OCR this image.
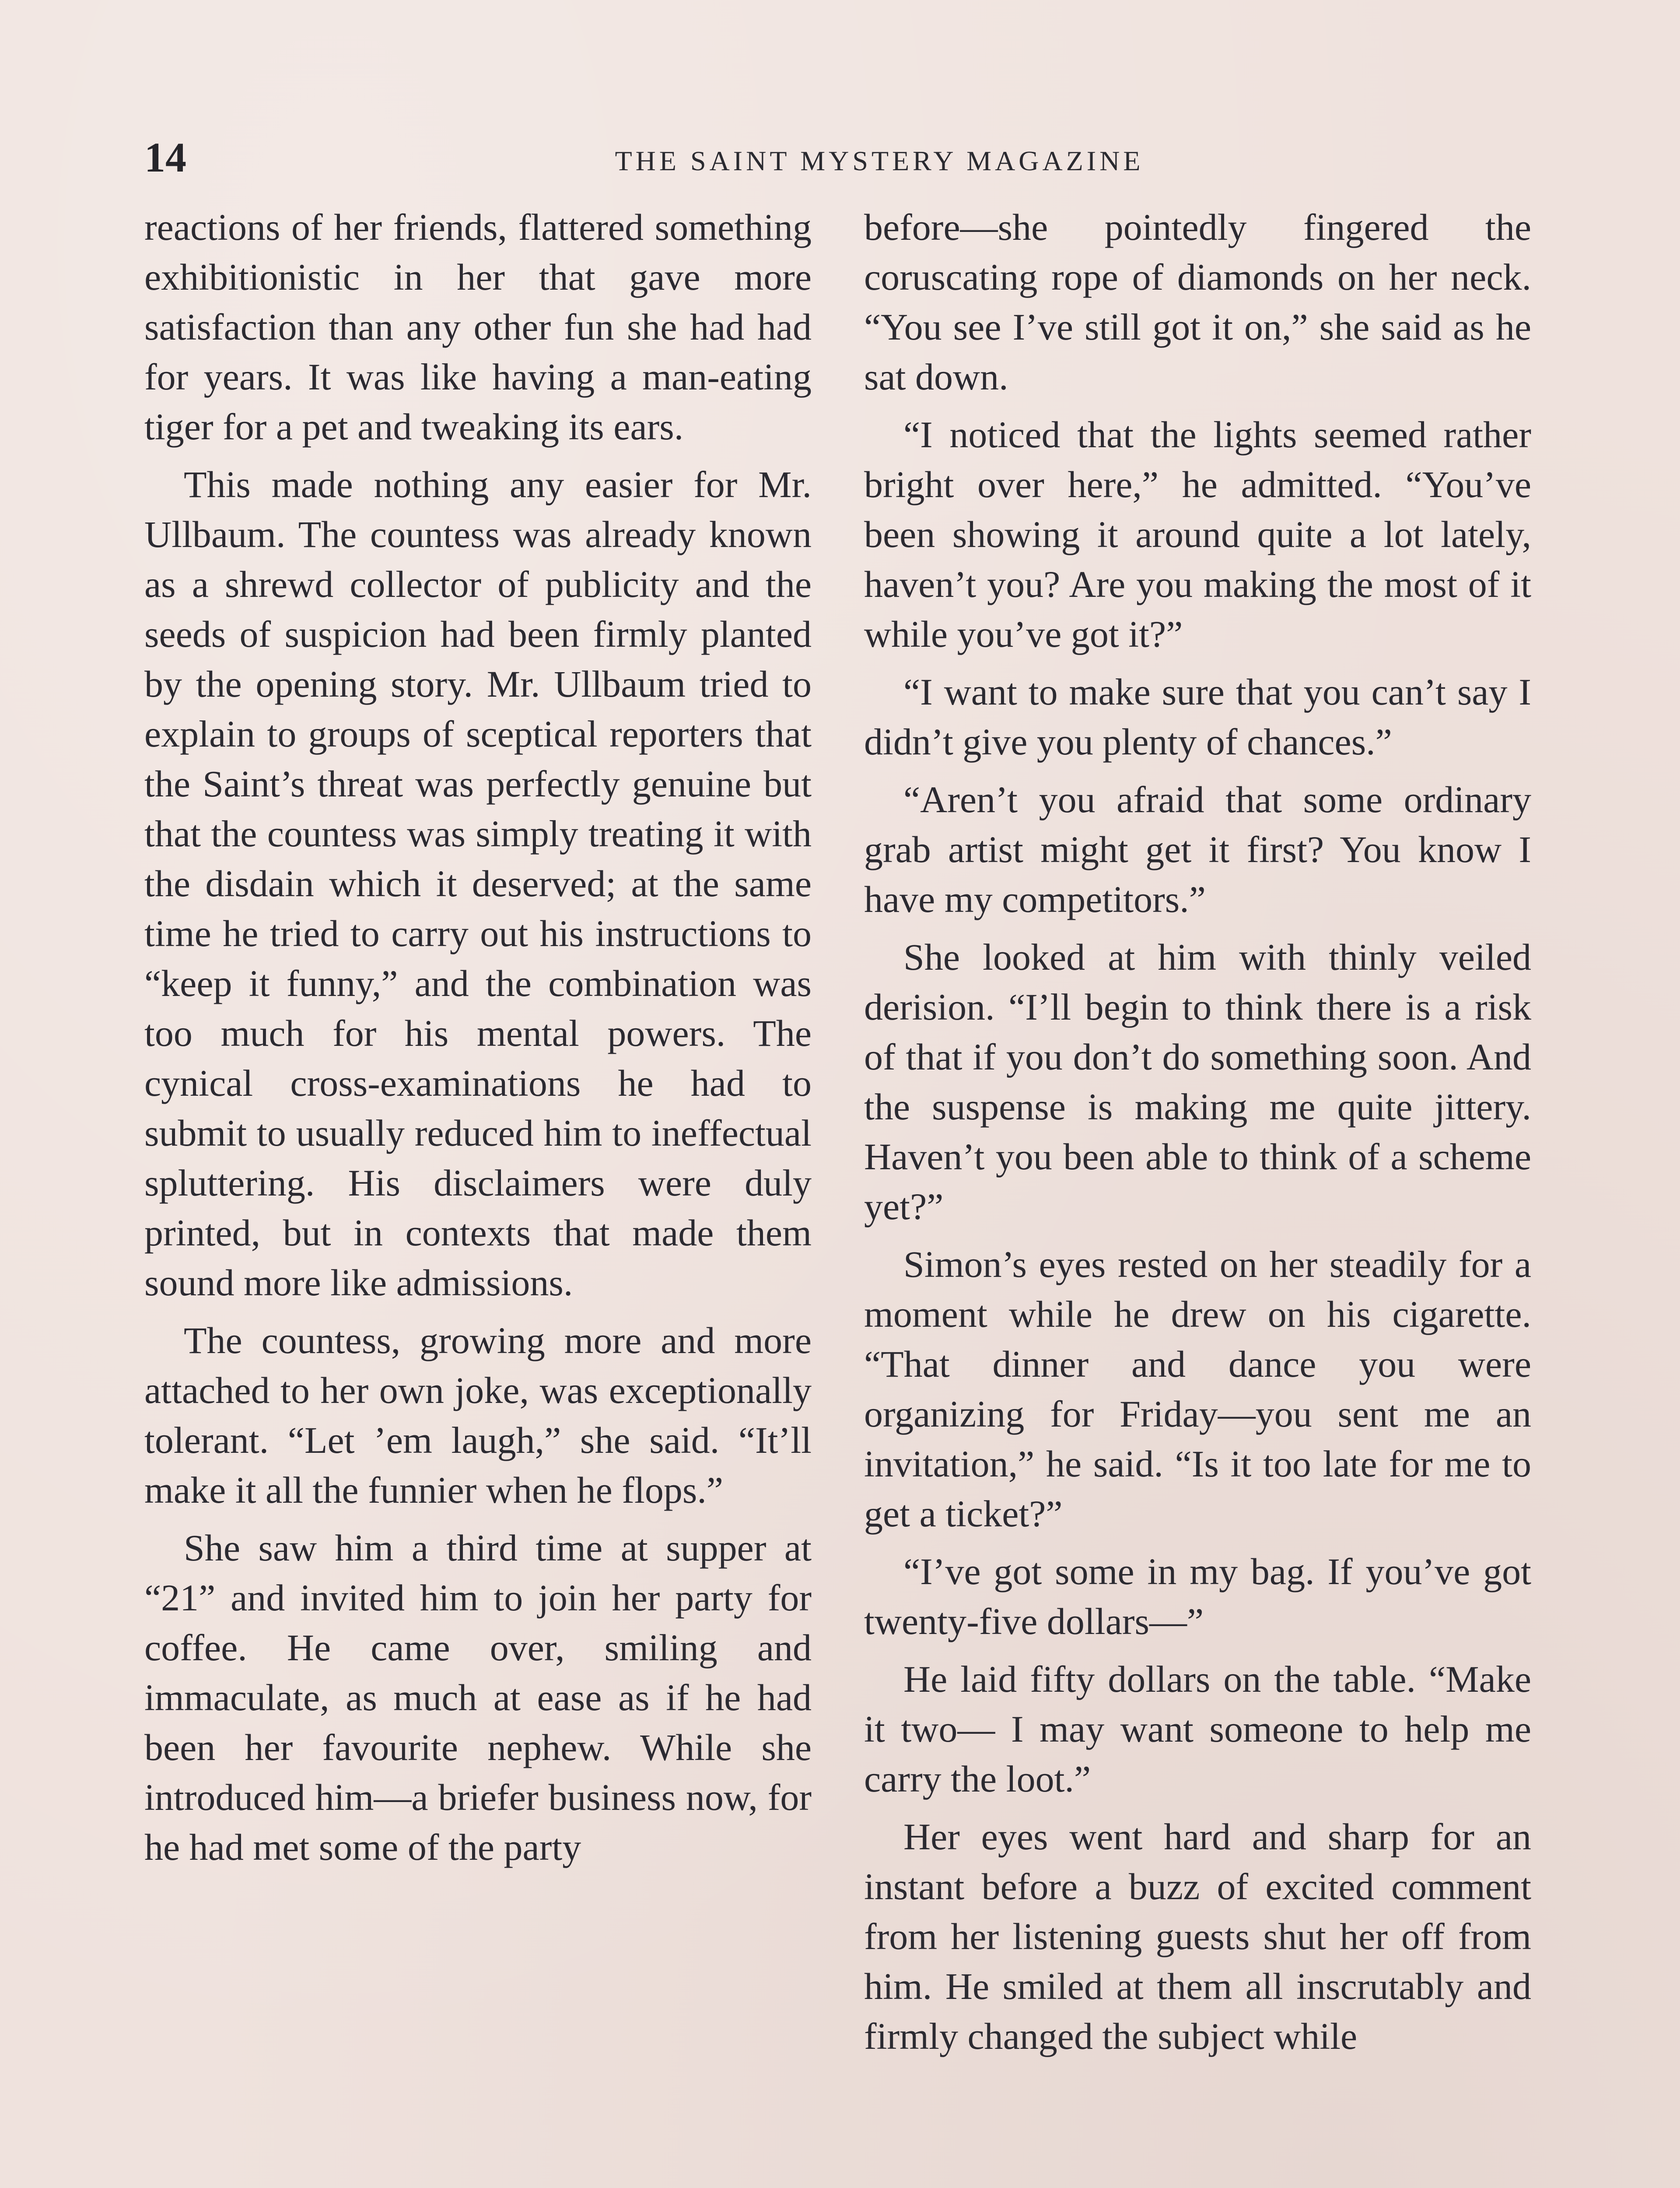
14	THE SAINT MYSTERY MAGAZINE

reactions of her friends, flattered something exhibitionistic in her that gave more satisfaction than any other fun she had had for years. It was like having a man-eating tiger for a pet and tweaking its ears.

This made nothing any easier for Mr. Ullbaum. The countess was already known as a shrewd collector of publicity and the seeds of suspicion had been firmly planted by the opening story. Mr. Ullbaum tried to explain to groups of sceptical reporters that the Saint’s threat was perfectly genuine but that the countess was simply treating it with the disdain which it deserved; at the same time he tried to carry out his instructions to “keep it funny,” and the combination was too much for his mental powers. The cynical cross-examinations he had to submit to usually reduced him to ineffectual spluttering. His disclaimers were duly printed, but in contexts that made them sound more like admissions.

The countess, growing more and more attached to her own joke, was exceptionally tolerant. “Let ’em laugh,” she said. “It’ll make it all the funnier when he flops.”

She saw him a third time at supper at “21” and invited him to join her party for coffee. He came over, smiling and immaculate, as much at ease as if he had been her favourite nephew. While she introduced him—a briefer business now, for he had met some of the party

before—she pointedly fingered the coruscating rope of diamonds on her neck. “You see I’ve still got it on,” she said as he sat down.

“I noticed that the lights seemed rather bright over here,” he admitted. “You’ve been showing it around quite a lot lately, haven’t you? Are you making the most of it while you’ve got it?”

“I want to make sure that you can’t say I didn’t give you plenty of chances.”

“Aren’t you afraid that some ordinary grab artist might get it first? You know I have my competitors.”

She looked at him with thinly veiled derision. “I’ll begin to think there is a risk of that if you don’t do something soon. And the suspense is making me quite jittery. Haven’t you been able to think of a scheme yet?”

Simon’s eyes rested on her steadily for a moment while he drew on his cigarette. “That dinner and dance you were organizing for Friday—you sent me an invitation,” he said. “Is it too late for me to get a ticket?”

“I’ve got some in my bag. If you’ve got twenty-five dollars—”

He laid fifty dollars on the table. “Make it two— I may want someone to help me carry the loot.”

Her eyes went hard and sharp for an instant before a buzz of excited comment from her listening guests shut her off from him. He smiled at them all inscrutably and firmly changed the subject while
